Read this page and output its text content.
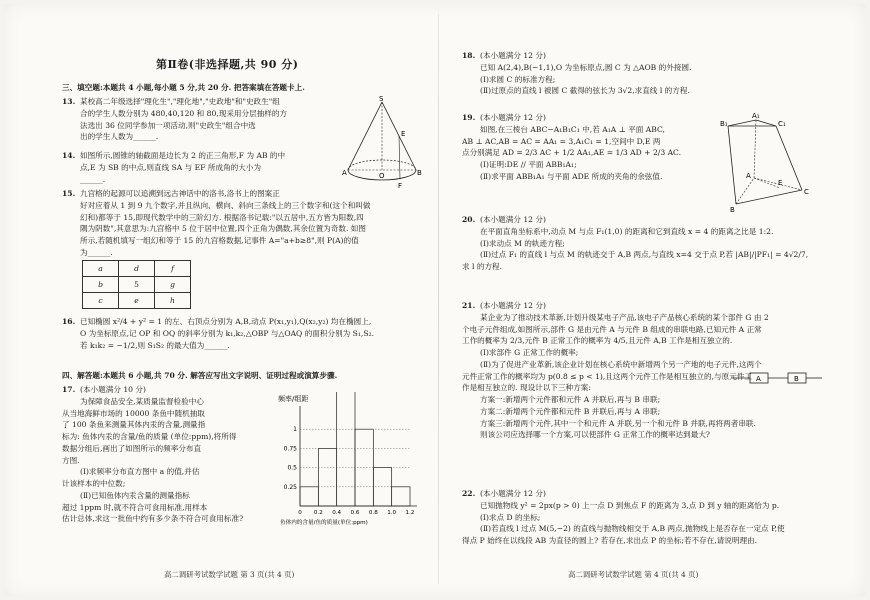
第Ⅱ卷(非选择题,共 90 分)
三、填空题:本题共 4 小题,每小题 5 分,共 20 分. 把答案填在答题卡上.
13. 某校高二年级选择"理化生","理化地","史政地"和"史政生"组
合的学生人数分别为 480,40,120 和 80,现采用分层抽样的方
法选出 36 位同学参加一项活动,则"史政生"组合中选
出的学生人数为______.
S
E
A	O	B
F
14. 如图所示,圆锥的轴截面是边长为 2 的正三角形,F 为 AB 的中
点,E 为 SB 的中点,则直线 SA 与 EF 所成角的大小为
______.
15. 九宫格的起源可以追溯到远古神话中的洛书,洛书上的图案正
好对应着从 1 到 9 九个数字,并且纵向、横向、斜向三条线上的三个数字和(这个和叫做
幻和)都等于 15,即现代数学中的三阶幻方. 根据洛书记载:"以五居中,五方皆为阳数,四
隅为阴数",其意思为:九宫格中 5 位于居中位置,四个正角为偶数,其余位置为奇数. 如图
所示,若随机填写一组幻和等于 15 的九宫格数据,记事件 A="a+b≥8",则 P(A)的值
为______.
a	d	f
b	5	g
c	e	h
16. 已知椭圆 x²/4 + y² = 1 的左、右顶点分别为 A,B,动点 P(x₁,y₁),Q(x₂,y₂) 均在椭圆上,
O 为坐标原点,记 OP 和 OQ 的斜率分别为 k₁,k₂,△OBP 与△OAQ 的面积分别为 S₁,S₂.
若 k₁k₂ = −1/2,则 S₁S₂ 的最大值为______.
四、解答题:本题共 6 小题,共 70 分. 解答应写出文字说明、证明过程或演算步骤.
17. (本小题满分 10 分)
为保障食品安全,某质量监督检验中心
从当地海鲜市场的 10000 条鱼中随机抽取
了 100 条鱼来测量其体内汞的含量,测量指
标为: 鱼体内汞的含量/鱼的质量 (单位:ppm),将所得
数据分组后,画出了如图所示的频率分布直
方图.
(Ⅰ)求频率分布直方图中 a 的值,并估
计该样本的中位数;
(Ⅱ)已知鱼体内汞含量的测量指标
超过 1ppm 时,就不符合可食用标准,用样本
估计总体,求这一批鱼中约有多少条不符合可食用标准?
频率/组距
1
0.75
0.5
0.25
0 0.2 0.4 0.6 0.8 1.0 1.2
鱼体内的含量/鱼的质量(单位:ppm)
高二调研考试数学试题 第 3 页(共 4 页)
18. (本小题满分 12 分)
已知 A(2,4),B(−1,1),O 为坐标原点,圆 C 为 △AOB 的外接圆.
(Ⅰ)求圆 C 的标准方程;
(Ⅱ)过原点的直线 l 被圆 C 截得的弦长为 3√2,求直线 l 的方程.
19. (本小题满分 12 分)
如图,在三棱台 ABC−A₁B₁C₁ 中,若 A₁A ⊥ 平面 ABC,
AB ⊥ AC,AB = AC = AA₁ = 3,A₁C₁ = 1,空间中 D,E 两
点分别满足 AD = 2/3 AC + 1/2 AA₁,AE = 1/3 AD + 2/3 AC.
(Ⅰ)证明:DE // 平面 ABB₁A₁;
(Ⅱ)求平面 ABB₁A₁ 与平面 ADE 所成的夹角的余弦值.
B₁
A₁
C₁
A
E
C
B
20. (本小题满分 12 分)
在平面直角坐标系中,动点 M 与点 F₁(1,0) 的距离和它到直线 x = 4 的距离之比是 1:2.
(Ⅰ)求动点 M 的轨迹方程;
(Ⅱ)过点 F₁ 的直线 l 与点 M 的轨迹交于 A,B 两点,与直线 x=4 交于点 P,若 |AB|/|PF₁| = 4√2/7,
求 l 的方程.
21. (本小题满分 12 分)
某企业为了推动技术革新,计划升级某电子产品,该电子产品核心系统的某个部件 G 由 2
个电子元件组成,如图所示,部件 G 是由元件 A 与元件 B 组成的串联电路,已知元件 A 正常
工作的概率为 2/3,元件 B 正常工作的概率为 4/5,且元件 A,B 工作是相互独立的.
(Ⅰ)求部件 G 正常工作的概率;
(Ⅱ)为了促进产业革新,该企业计划在核心系统中新增两个另一产地的电子元件,这两个
元件正常工作的概率均为 p(0.8 ≤ p < 1),且这两个元件工作是相互独立的,与原元件工
作是相互独立的. 现设计以下三种方案:
方案一:新增两个元件都和元件 A 并联后,再与 B 串联;
方案二:新增两个元件都和元件 B 并联后,再与 A 串联;
方案三:新增两个元件,其中一个和元件 A 并联,另一个和元件 B 并联,再将两者串联.
则该公司应选择哪一个方案,可以使部件 G 正常工作的概率达到最大?
A	B
22. (本小题满分 12 分)
已知抛物线 y² = 2px(p > 0) 上一点 D 到焦点 F 的距离为 3,点 D 到 y 轴的距离恰为 p.
(Ⅰ)求点 D 的坐标;
(Ⅱ)若直线 l 过点 M(5,−2) 的直线与抛物线相交于 A,B 两点,抛物线上是否存在一定点 P,使
得点 P 始终在以线段 AB 为直径的圆上? 若存在,求出点 P 的坐标;若不存在,请说明理由.
高二调研考试数学试题 第 4 页(共 4 页)
